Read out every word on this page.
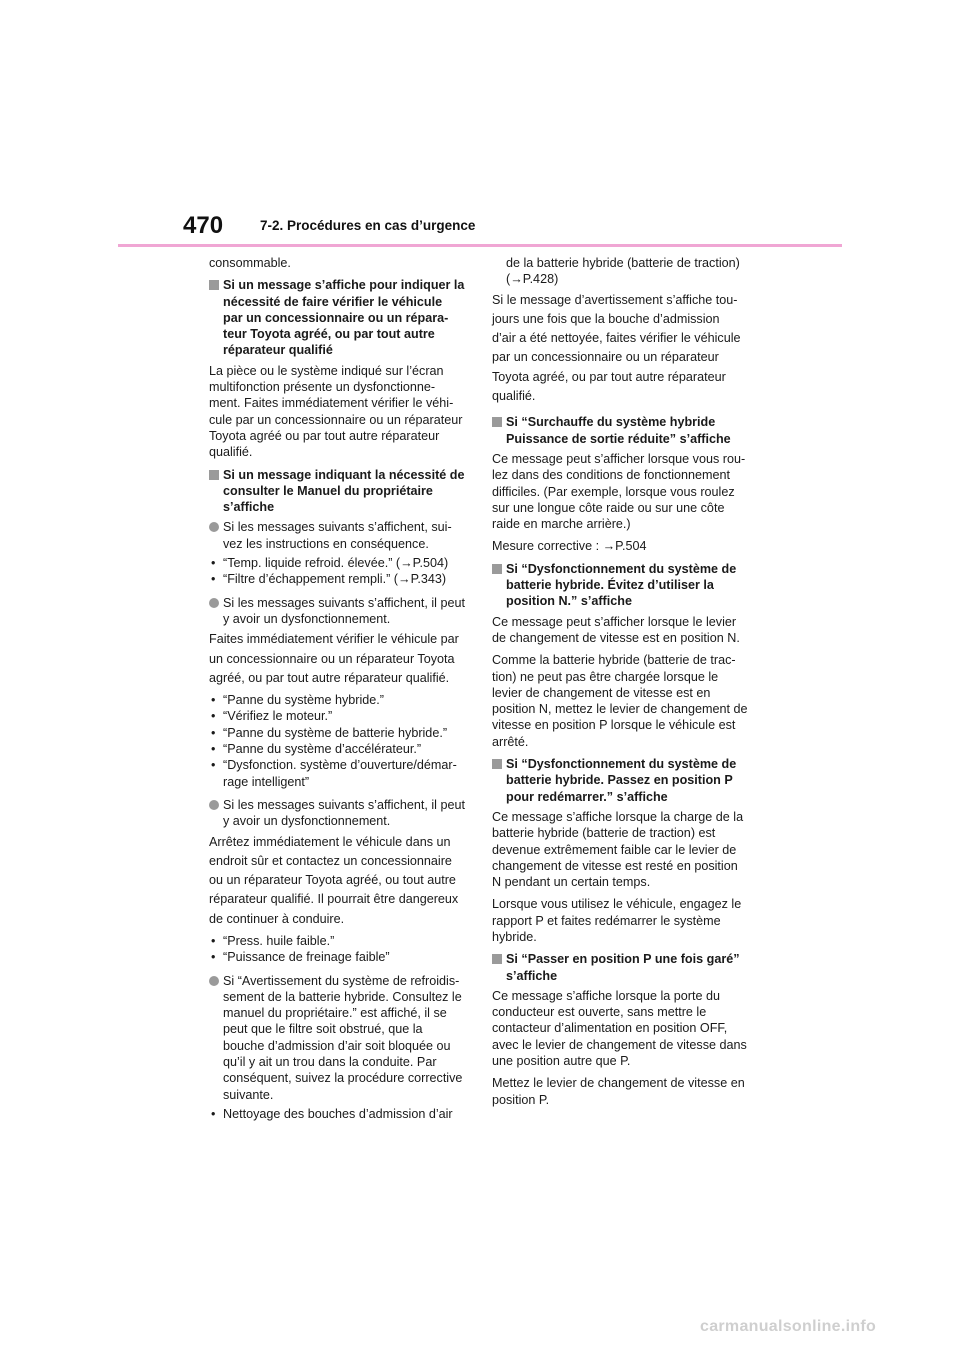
470	7-2. Procédures en cas d’urgence

consommable.

Si un message s’affiche pour indiquer la nécessité de faire vérifier le véhicule par un concessionnaire ou un répara-teur Toyota agréé, ou par tout autre réparateur qualifié

La pièce ou le système indiqué sur l’écran multifonction présente un dysfonctionne-ment. Faites immédiatement vérifier le véhi-cule par un concessionnaire ou un réparateur Toyota agréé ou par tout autre réparateur qualifié.

Si un message indiquant la nécessité de consulter le Manuel du propriétaire s’affiche
Si les messages suivants s’affichent, sui-vez les instructions en conséquence.
• “Temp. liquide refroid. élevée.” (→P.504)
• “Filtre d’échappement rempli.” (→P.343)
Si les messages suivants s’affichent, il peut y avoir un dysfonctionnement.

Faites immédiatement vérifier le véhicule par

un concessionnaire ou un réparateur Toyota

agréé, ou par tout autre réparateur qualifié.

• “Panne du système hybride.”
• “Vérifiez le moteur.”
• “Panne du système de batterie hybride.”
• “Panne du système d’accélérateur.”
• “Dysfonction. système d’ouverture/démar-rage intelligent”
Si les messages suivants s’affichent, il peut y avoir un dysfonctionnement.

Arrêtez immédiatement le véhicule dans un

endroit sûr et contactez un concessionnaire

ou un réparateur Toyota agréé, ou tout autre

réparateur qualifié. Il pourrait être dangereux

de continuer à conduire.

• “Press. huile faible.”
• “Puissance de freinage faible”
Si “Avertissement du système de refroidis-sement de la batterie hybride. Consultez le manuel du propriétaire.” est affiché, il se peut que le filtre soit obstrué, que la bouche d’admission d’air soit bloquée ou qu’il y ait un trou dans la conduite. Par conséquent, suivez la procédure corrective suivante.
• Nettoyage des bouches d’admission d’air

de la batterie hybride (batterie de traction) (→P.428)

Si le message d’avertissement s’affiche tou-

jours une fois que la bouche d’admission

d’air a été nettoyée, faites vérifier le véhicule

par un concessionnaire ou un réparateur

Toyota agréé, ou par tout autre réparateur

qualifié.

Si “Surchauffe du système hybride Puissance de sortie réduite” s’affiche

Ce message peut s’afficher lorsque vous rou-lez dans des conditions de fonctionnement difficiles. (Par exemple, lorsque vous roulez sur une longue côte raide ou sur une côte raide en marche arrière.)

Mesure corrective : →P.504

Si “Dysfonctionnement du système de batterie hybride. Évitez d’utiliser la position N.” s’affiche

Ce message peut s’afficher lorsque le levier de changement de vitesse est en position N.

Comme la batterie hybride (batterie de trac-tion) ne peut pas être chargée lorsque le levier de changement de vitesse est en position N, mettez le levier de changement de vitesse en position P lorsque le véhicule est arrêté.

Si “Dysfonctionnement du système de batterie hybride. Passez en position P pour redémarrer.” s’affiche

Ce message s’affiche lorsque la charge de la batterie hybride (batterie de traction) est devenue extrêmement faible car le levier de changement de vitesse est resté en position N pendant un certain temps.

Lorsque vous utilisez le véhicule, engagez le rapport P et faites redémarrer le système hybride.

Si “Passer en position P une fois garé” s’affiche

Ce message s’affiche lorsque la porte du conducteur est ouverte, sans mettre le contacteur d’alimentation en position OFF, avec le levier de changement de vitesse dans une position autre que P.

Mettez le levier de changement de vitesse en position P.

carmanualsonline.info
